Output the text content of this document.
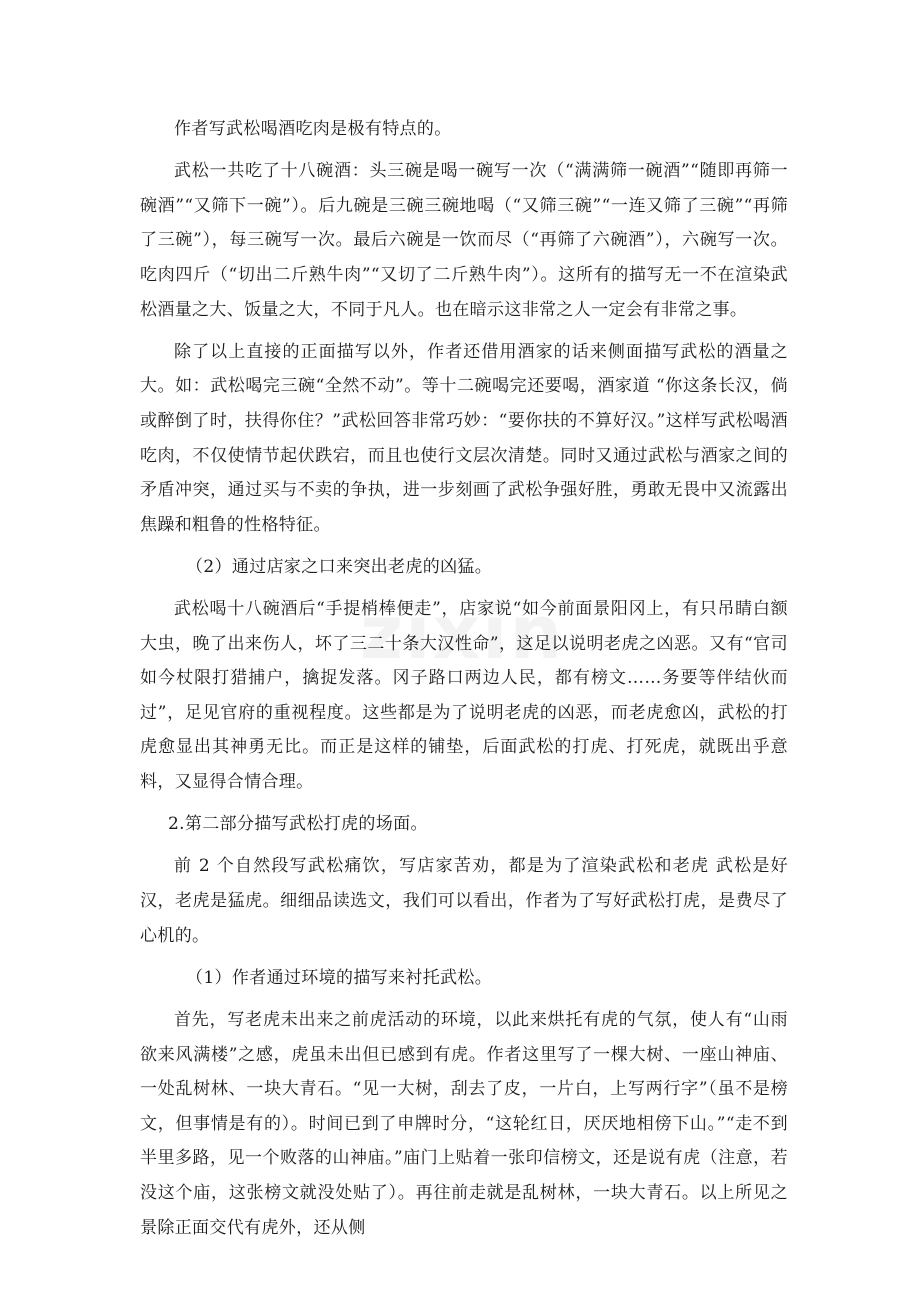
作者写武松喝酒吃肉是极有特点的。

武松一共吃了十八碗酒：头三碗是喝一碗写一次（“满满筛一碗酒”“随即再筛一碗酒”“又筛下一碗”）。后九碗是三碗三碗地喝（“又筛三碗”“一连又筛了三碗”“再筛了三碗”），每三碗写一次。最后六碗是一饮而尽（“再筛了六碗酒”），六碗写一次。吃肉四斤（“切出二斤熟牛肉”“又切了二斤熟牛肉”）。这所有的描写无一不在渲染武松酒量之大、饭量之大，不同于凡人。也在暗示这非常之人一定会有非常之事。

除了以上直接的正面描写以外，作者还借用酒家的话来侧面描写武松的酒量之大。如：武松喝完三碗“全然不动”。等十二碗喝完还要喝，酒家道 “你这条长汉，倘或醉倒了时，扶得你住？”武松回答非常巧妙：“要你扶的不算好汉。”这样写武松喝酒吃肉，不仅使情节起伏跌宕，而且也使行文层次清楚。同时又通过武松与酒家之间的矛盾冲突，通过买与不卖的争执，进一步刻画了武松争强好胜，勇敢无畏中又流露出焦躁和粗鲁的性格特征。

（2）通过店家之口来突出老虎的凶猛。

武松喝十八碗酒后“手提梢棒便走”，店家说“如今前面景阳冈上，有只吊睛白额大虫，晚了出来伤人，坏了三二十条大汉性命”，这足以说明老虎之凶恶。又有“官司如今杖限打猎捕户，擒捉发落。冈子路口两边人民，都有榜文……务要等伴结伙而过”，足见官府的重视程度。这些都是为了说明老虎的凶恶，而老虎愈凶，武松的打虎愈显出其神勇无比。而正是这样的铺垫，后面武松的打虎、打死虎，就既出乎意料，又显得合情合理。

2.第二部分描写武松打虎的场面。

前 2 个自然段写武松痛饮，写店家苦劝，都是为了渲染武松和老虎 武松是好汉，老虎是猛虎。细细品读选文，我们可以看出，作者为了写好武松打虎，是费尽了心机的。

（1）作者通过环境的描写来衬托武松。

首先，写老虎未出来之前虎活动的环境，以此来烘托有虎的气氛，使人有“山雨欲来风满楼”之感，虎虽未出但已感到有虎。作者这里写了一棵大树、一座山神庙、一处乱树林、一块大青石。“见一大树，刮去了皮，一片白，上写两行字”（虽不是榜文，但事情是有的）。时间已到了申牌时分，“这轮红日，厌厌地相傍下山。”“走不到半里多路，见一个败落的山神庙。”庙门上贴着一张印信榜文，还是说有虎（注意，若没这个庙，这张榜文就没处贴了）。再往前走就是乱树林，一块大青石。以上所见之景除正面交代有虎外，还从侧
